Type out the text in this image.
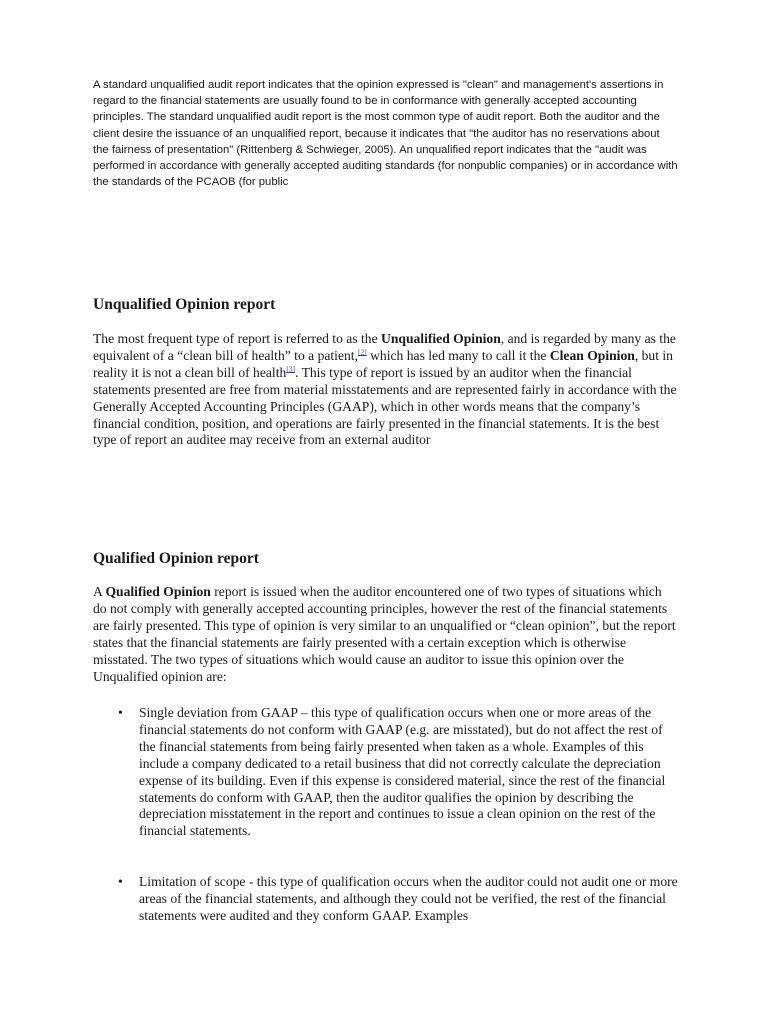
A standard unqualified audit report indicates that the opinion expressed is "clean" and management's assertions in regard to the financial statements are usually found to be in conformance with generally accepted accounting principles. The standard unqualified audit report is the most common type of audit report. Both the auditor and the client desire the issuance of an unqualified report, because it indicates that "the auditor has no reservations about the fairness of presentation" (Rittenberg & Schwieger, 2005). An unqualified report indicates that the "audit was performed in accordance with generally accepted auditing standards (for nonpublic companies) or in accordance with the standards of the PCAOB (for public
Unqualified Opinion report
The most frequent type of report is referred to as the Unqualified Opinion, and is regarded by many as the equivalent of a “clean bill of health” to a patient,[2] which has led many to call it the Clean Opinion, but in reality it is not a clean bill of health[3]. This type of report is issued by an auditor when the financial statements presented are free from material misstatements and are represented fairly in accordance with the Generally Accepted Accounting Principles (GAAP), which in other words means that the company’s financial condition, position, and operations are fairly presented in the financial statements. It is the best type of report an auditee may receive from an external auditor
Qualified Opinion report
A Qualified Opinion report is issued when the auditor encountered one of two types of situations which do not comply with generally accepted accounting principles, however the rest of the financial statements are fairly presented. This type of opinion is very similar to an unqualified or “clean opinion”, but the report states that the financial statements are fairly presented with a certain exception which is otherwise misstated. The two types of situations which would cause an auditor to issue this opinion over the Unqualified opinion are:
•	Single deviation from GAAP – this type of qualification occurs when one or more areas of the financial statements do not conform with GAAP (e.g. are misstated), but do not affect the rest of the financial statements from being fairly presented when taken as a whole. Examples of this include a company dedicated to a retail business that did not correctly calculate the depreciation expense of its building. Even if this expense is considered material, since the rest of the financial statements do conform with GAAP, then the auditor qualifies the opinion by describing the depreciation misstatement in the report and continues to issue a clean opinion on the rest of the financial statements.
•	Limitation of scope - this type of qualification occurs when the auditor could not audit one or more areas of the financial statements, and although they could not be verified, the rest of the financial statements were audited and they conform GAAP. Examples
